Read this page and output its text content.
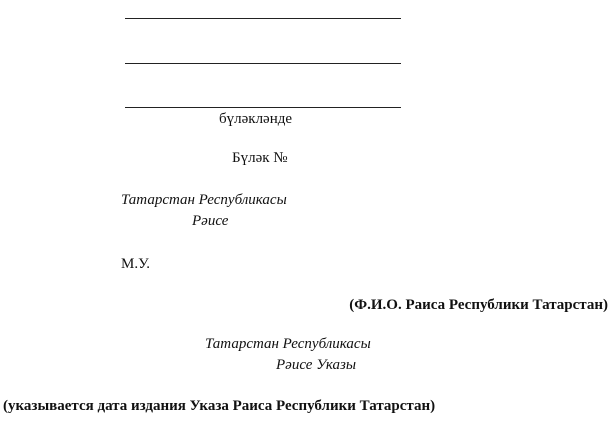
бүләкләнде
Бүләк №
Татарстан Республикасы
Рәисе
М.У.
(Ф.И.О. Раиса Республики Татарстан)
Татарстан Республикасы
Рәисе Указы
(указывается дата издания Указа Раиса Республики Татарстан)
